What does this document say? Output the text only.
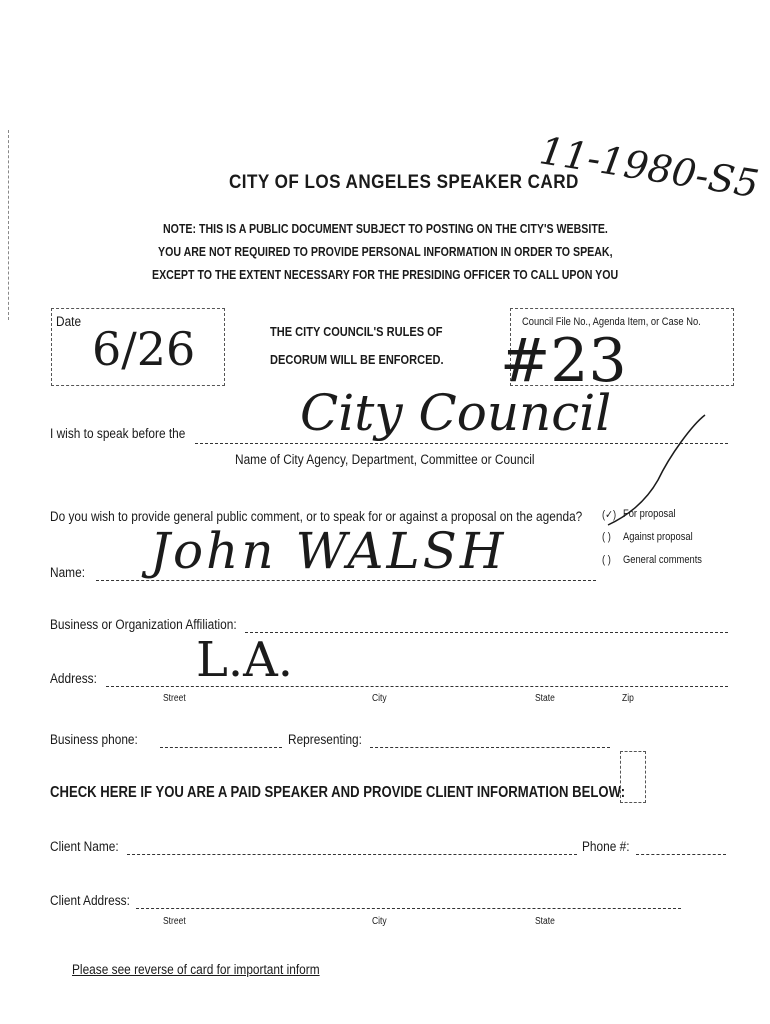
11-1980-S5
CITY OF LOS ANGELES SPEAKER CARD
NOTE: THIS IS A PUBLIC DOCUMENT SUBJECT TO POSTING ON THE CITY'S WEBSITE.
YOU ARE NOT REQUIRED TO PROVIDE PERSONAL INFORMATION IN ORDER TO SPEAK,
EXCEPT TO THE EXTENT NECESSARY FOR THE PRESIDING OFFICER TO CALL UPON YOU
Date
6/26	THE CITY COUNCIL'S RULES OF
DECORUM WILL BE ENFORCED.
Council File No., Agenda Item, or Case No.
#23
I wish to speak before the City Council
Name of City Agency, Department, Committee or Council
Do you wish to provide general public comment, or to speak for or against a proposal on the agenda? (✓) For proposal
( ) Against proposal
( ) General comments
Name: John WALSH
Business or Organization Affiliation:
Address: L.A.
Street	City	State	Zip
Business phone:	Representing:
CHECK HERE IF YOU ARE A PAID SPEAKER AND PROVIDE CLIENT INFORMATION BELOW:
Client Name:	Phone #:
Client Address:
Street	City	State
Please see reverse of card for important inform
